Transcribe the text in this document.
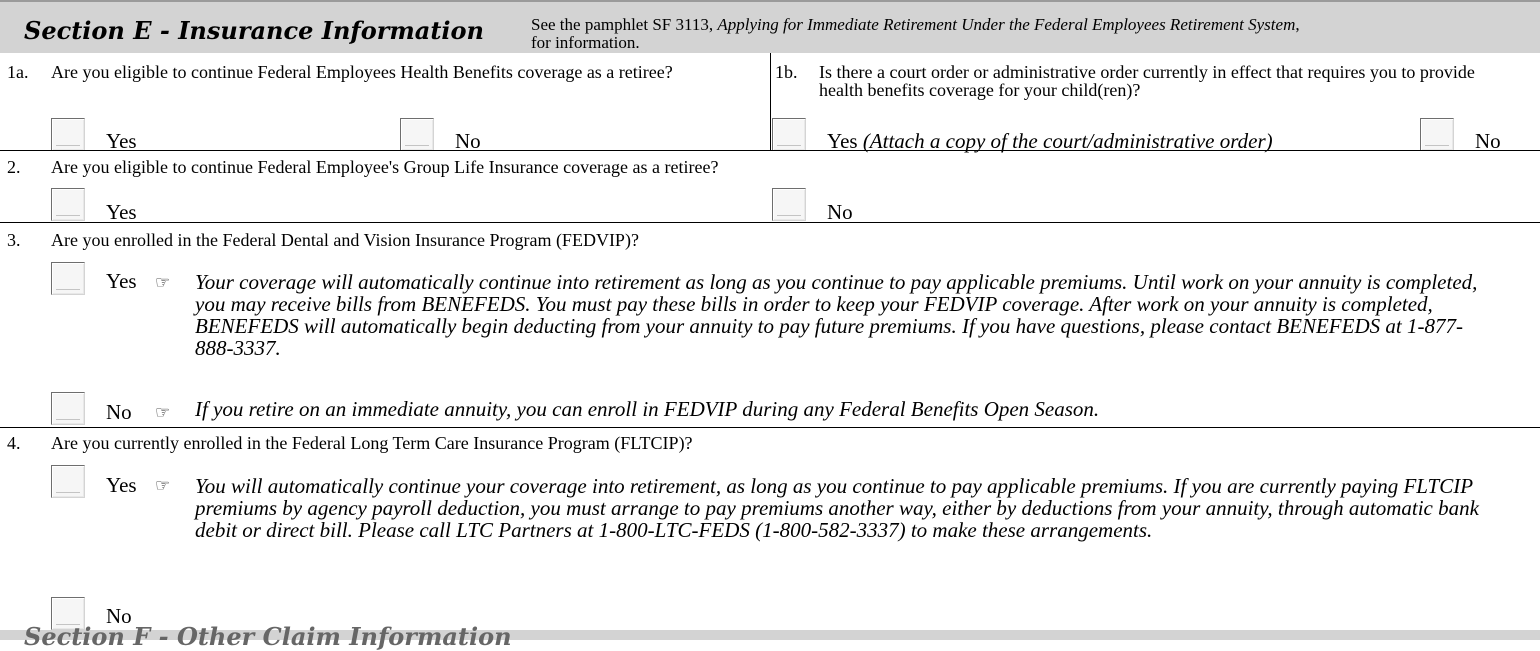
Section E - Insurance Information	See the pamphlet SF 3113, Applying for Immediate Retirement Under the Federal Employees Retirement System,
for information.
1a. Are you eligible to continue Federal Employees Health Benefits coverage as a retiree?
Yes	No
1b. Is there a court order or administrative order currently in effect that requires you to provide health benefits coverage for your child(ren)?
Yes (Attach a copy of the court/administrative order)	No
2. Are you eligible to continue Federal Employee's Group Life Insurance coverage as a retiree?
Yes	No
3. Are you enrolled in the Federal Dental and Vision Insurance Program (FEDVIP)?
Yes ☞ Your coverage will automatically continue into retirement as long as you continue to pay applicable premiums. Until work on your annuity is completed, you may receive bills from BENEFEDS. You must pay these bills in order to keep your FEDVIP coverage. After work on your annuity is completed, BENEFEDS will automatically begin deducting from your annuity to pay future premiums. If you have questions, please contact BENEFEDS at 1-877-888-3337.
No ☞ If you retire on an immediate annuity, you can enroll in FEDVIP during any Federal Benefits Open Season.
4. Are you currently enrolled in the Federal Long Term Care Insurance Program (FLTCIP)?
Yes ☞ You will automatically continue your coverage into retirement, as long as you continue to pay applicable premiums. If you are currently paying FLTCIP premiums by agency payroll deduction, you must arrange to pay premiums another way, either by deductions from your annuity, through automatic bank debit or direct bill. Please call LTC Partners at 1-800-LTC-FEDS (1-800-582-3337) to make these arrangements.
No
Section F - Other Claim Information
